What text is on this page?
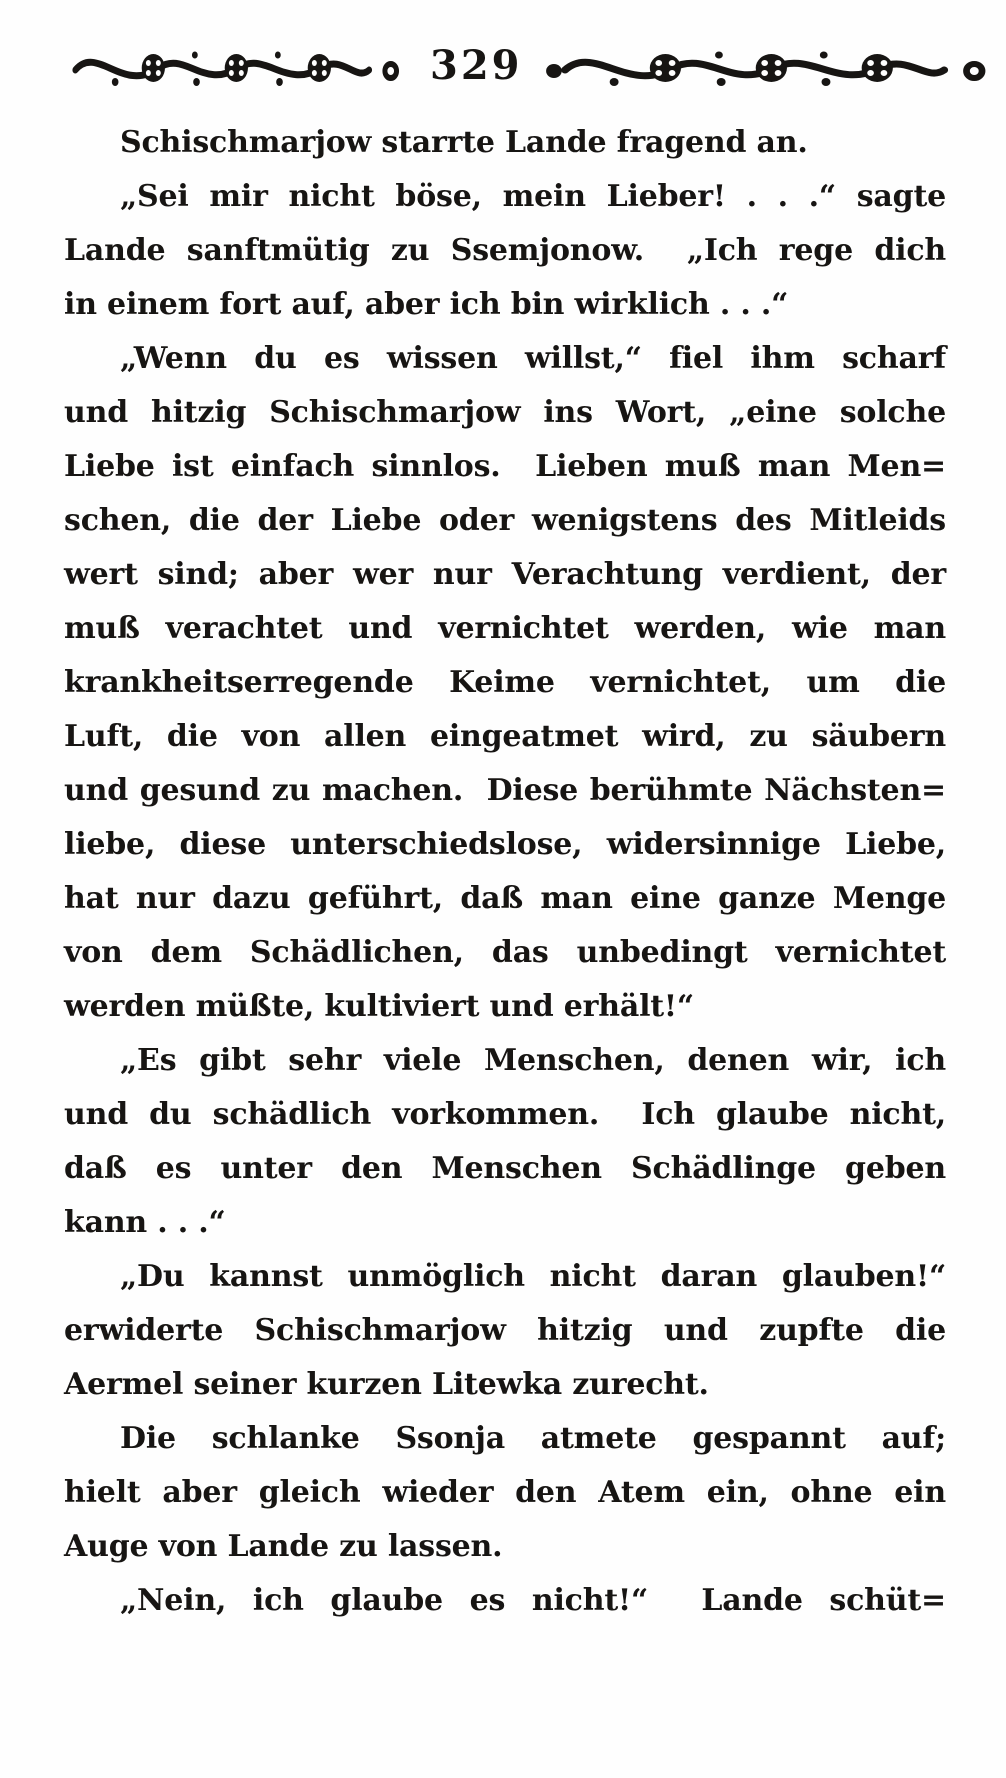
329
Schischmarjow starrte Lande fragend an.
„Sei mir nicht böse, mein Lieber! . . .“ sagte
Lande sanftmütig zu Ssemjonow.  „Ich rege dich
in einem fort auf, aber ich bin wirklich . . .“
„Wenn du es wissen willst,“ fiel ihm scharf
und hitzig Schischmarjow ins Wort, „eine solche
Liebe ist einfach sinnlos.  Lieben muß man Men=
schen, die der Liebe oder wenigstens des Mitleids
wert sind; aber wer nur Verachtung verdient, der
muß verachtet und vernichtet werden, wie man
krankheitserregende Keime vernichtet, um die
Luft, die von allen eingeatmet wird, zu säubern
und gesund zu machen.  Diese berühmte Nächsten=
liebe, diese unterschiedslose, widersinnige Liebe,
hat nur dazu geführt, daß man eine ganze Menge
von dem Schädlichen, das unbedingt vernichtet
werden müßte, kultiviert und erhält!“
„Es gibt sehr viele Menschen, denen wir, ich
und du schädlich vorkommen.  Ich glaube nicht,
daß es unter den Menschen Schädlinge geben
kann . . .“
„Du kannst unmöglich nicht daran glauben!“
erwiderte Schischmarjow hitzig und zupfte die
Aermel seiner kurzen Litewka zurecht.
Die schlanke Ssonja atmete gespannt auf;
hielt aber gleich wieder den Atem ein, ohne ein
Auge von Lande zu lassen.
„Nein, ich glaube es nicht!“  Lande schüt=
